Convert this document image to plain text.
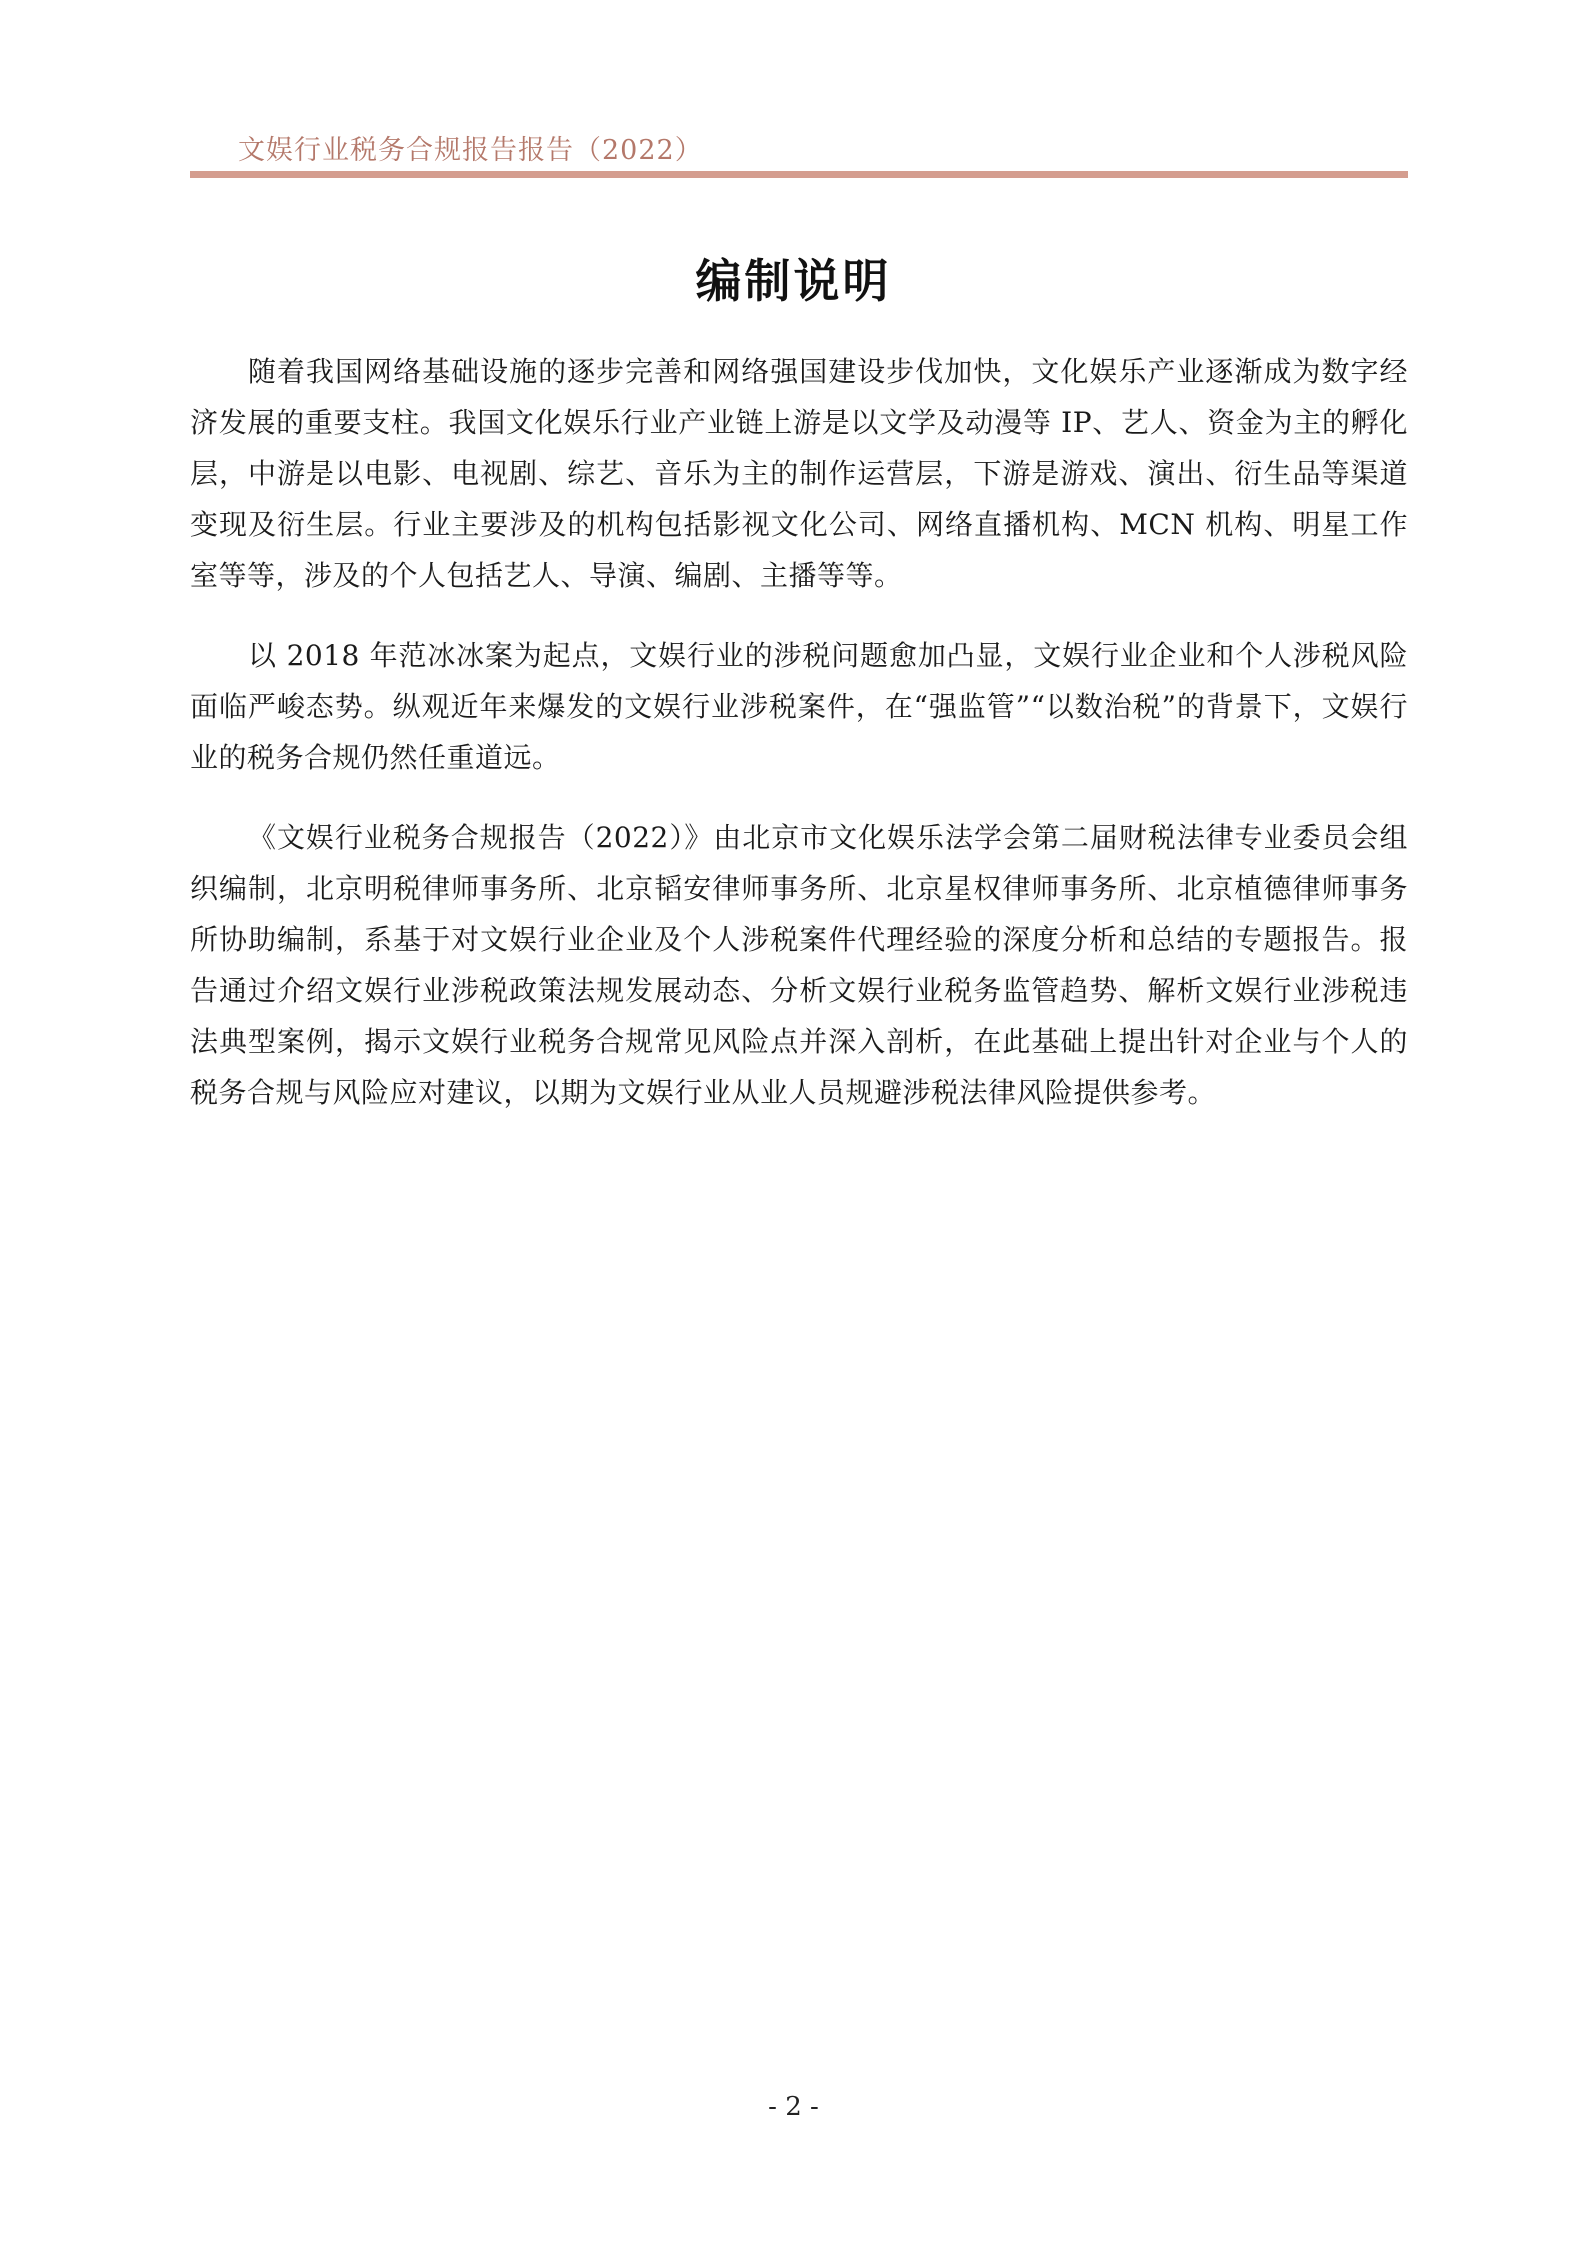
文娱行业税务合规报告报告（2022）
编制说明

随着我国网络基础设施的逐步完善和网络强国建设步伐加快，文化娱乐产业逐渐成为数字经济发展的重要支柱。我国文化娱乐行业产业链上游是以文学及动漫等 IP、艺人、资金为主的孵化层，中游是以电影、电视剧、综艺、音乐为主的制作运营层，下游是游戏、演出、衍生品等渠道变现及衍生层。行业主要涉及的机构包括影视文化公司、网络直播机构、MCN 机构、明星工作室等等，涉及的个人包括艺人、导演、编剧、主播等等。

以 2018 年范冰冰案为起点，文娱行业的涉税问题愈加凸显，文娱行业企业和个人涉税风险面临严峻态势。纵观近年来爆发的文娱行业涉税案件，在“强监管”“以数治税”的背景下，文娱行业的税务合规仍然任重道远。

《文娱行业税务合规报告（2022）》由北京市文化娱乐法学会第二届财税法律专业委员会组织编制，北京明税律师事务所、北京韬安律师事务所、北京星权律师事务所、北京植德律师事务所协助编制，系基于对文娱行业企业及个人涉税案件代理经验的深度分析和总结的专题报告。报告通过介绍文娱行业涉税政策法规发展动态、分析文娱行业税务监管趋势、解析文娱行业涉税违法典型案例，揭示文娱行业税务合规常见风险点并深入剖析，在此基础上提出针对企业与个人的税务合规与风险应对建议，以期为文娱行业从业人员规避涉税法律风险提供参考。

- 2 -
